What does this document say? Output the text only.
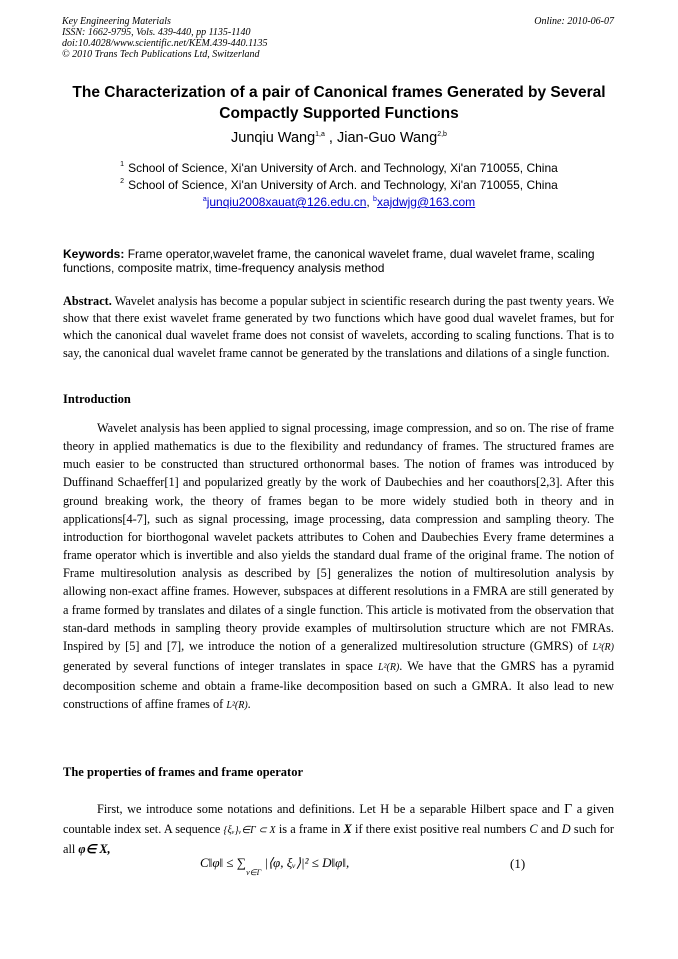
Key Engineering Materials
ISSN: 1662-9795, Vols. 439-440, pp 1135-1140
doi:10.4028/www.scientific.net/KEM.439-440.1135
© 2010 Trans Tech Publications Ltd, Switzerland
Online: 2010-06-07
The Characterization of a pair of Canonical frames Generated by Several
Compactly Supported Functions
Junqiu Wang$^{1,a}$ , Jian-Guo Wang$^{2,b}$
$^1$ School of Science, Xi'an University of Arch. and Technology, Xi'an 710055, China
$^2$ School of Science, Xi'an University of Arch. and Technology, Xi'an 710055, China
$^a$junqiu2008xauat@126.edu.cn, $^b$xajdwjg@163.com
Keywords: Frame operator,wavelet frame, the canonical wavelet frame, dual wavelet frame, scaling functions, composite matrix, time-frequency analysis method
Abstract. Wavelet analysis has become a popular subject in scientific research during the past twenty years. We show that there exist wavelet frame generated by two functions which have good dual wavelet frames, but for which the canonical dual wavelet frame does not consist of wavelets, according to scaling functions. That is to say, the canonical dual wavelet frame cannot be generated by the translations and dilations of a single function.
Introduction

Wavelet analysis has been applied to signal processing, image compression, and so on. The rise of frame theory in applied mathematics is due to the flexibility and redundancy of frames. The structured frames are much easier to be constructed than structured orthonormal bases. The notion of frames was introduced by Duffinand Schaeffer[1] and popularized greatly by the work of Daubechies and her coauthors[2,3]. After this ground breaking work, the theory of frames began to be more widely studied both in theory and in applications[4-7], such as signal processing, image processing, data compression and sampling theory. The introduction for biorthogonal wavelet packets attributes to Cohen and Daubechies Every frame determines a frame operator which is invertible and also yields the standard dual frame of the original frame. The notion of Frame multiresolution analysis as described by [5] generalizes the notion of multiresolution analysis by allowing non-exact affine frames. However, subspaces at different resolutions in a FMRA are still generated by a frame formed by translates and dilates of a single function. This article is motivated from the observation that stan-dard methods in sampling theory provide examples of multirsolution structure which are not FMRAs. Inspired by [5] and [7], we introduce the notion of a generalized multiresolution structure (GMRS) of L²(R) generated by several functions of integer translates in space L²(R). We have that the GMRS has a pyramid decomposition scheme and obtain a frame-like decomposition based on such a GMRA. It also lead to new constructions of affine frames of L²(R).

The properties of frames and frame operator

First, we introduce some notations and definitions. Let H be a separable Hilbert space and Γ a given countable index set. A sequence {ξᵥ}ᵥ∈Γ ⊂ X is a frame in X if there exist positive real numbers C and D such for all φ∈ X,

C‖φ‖ ≤ $\sum_{v\in\Gamma}$ |⟨φ, ξᵥ⟩|² ≤ D‖φ‖,	(1)
